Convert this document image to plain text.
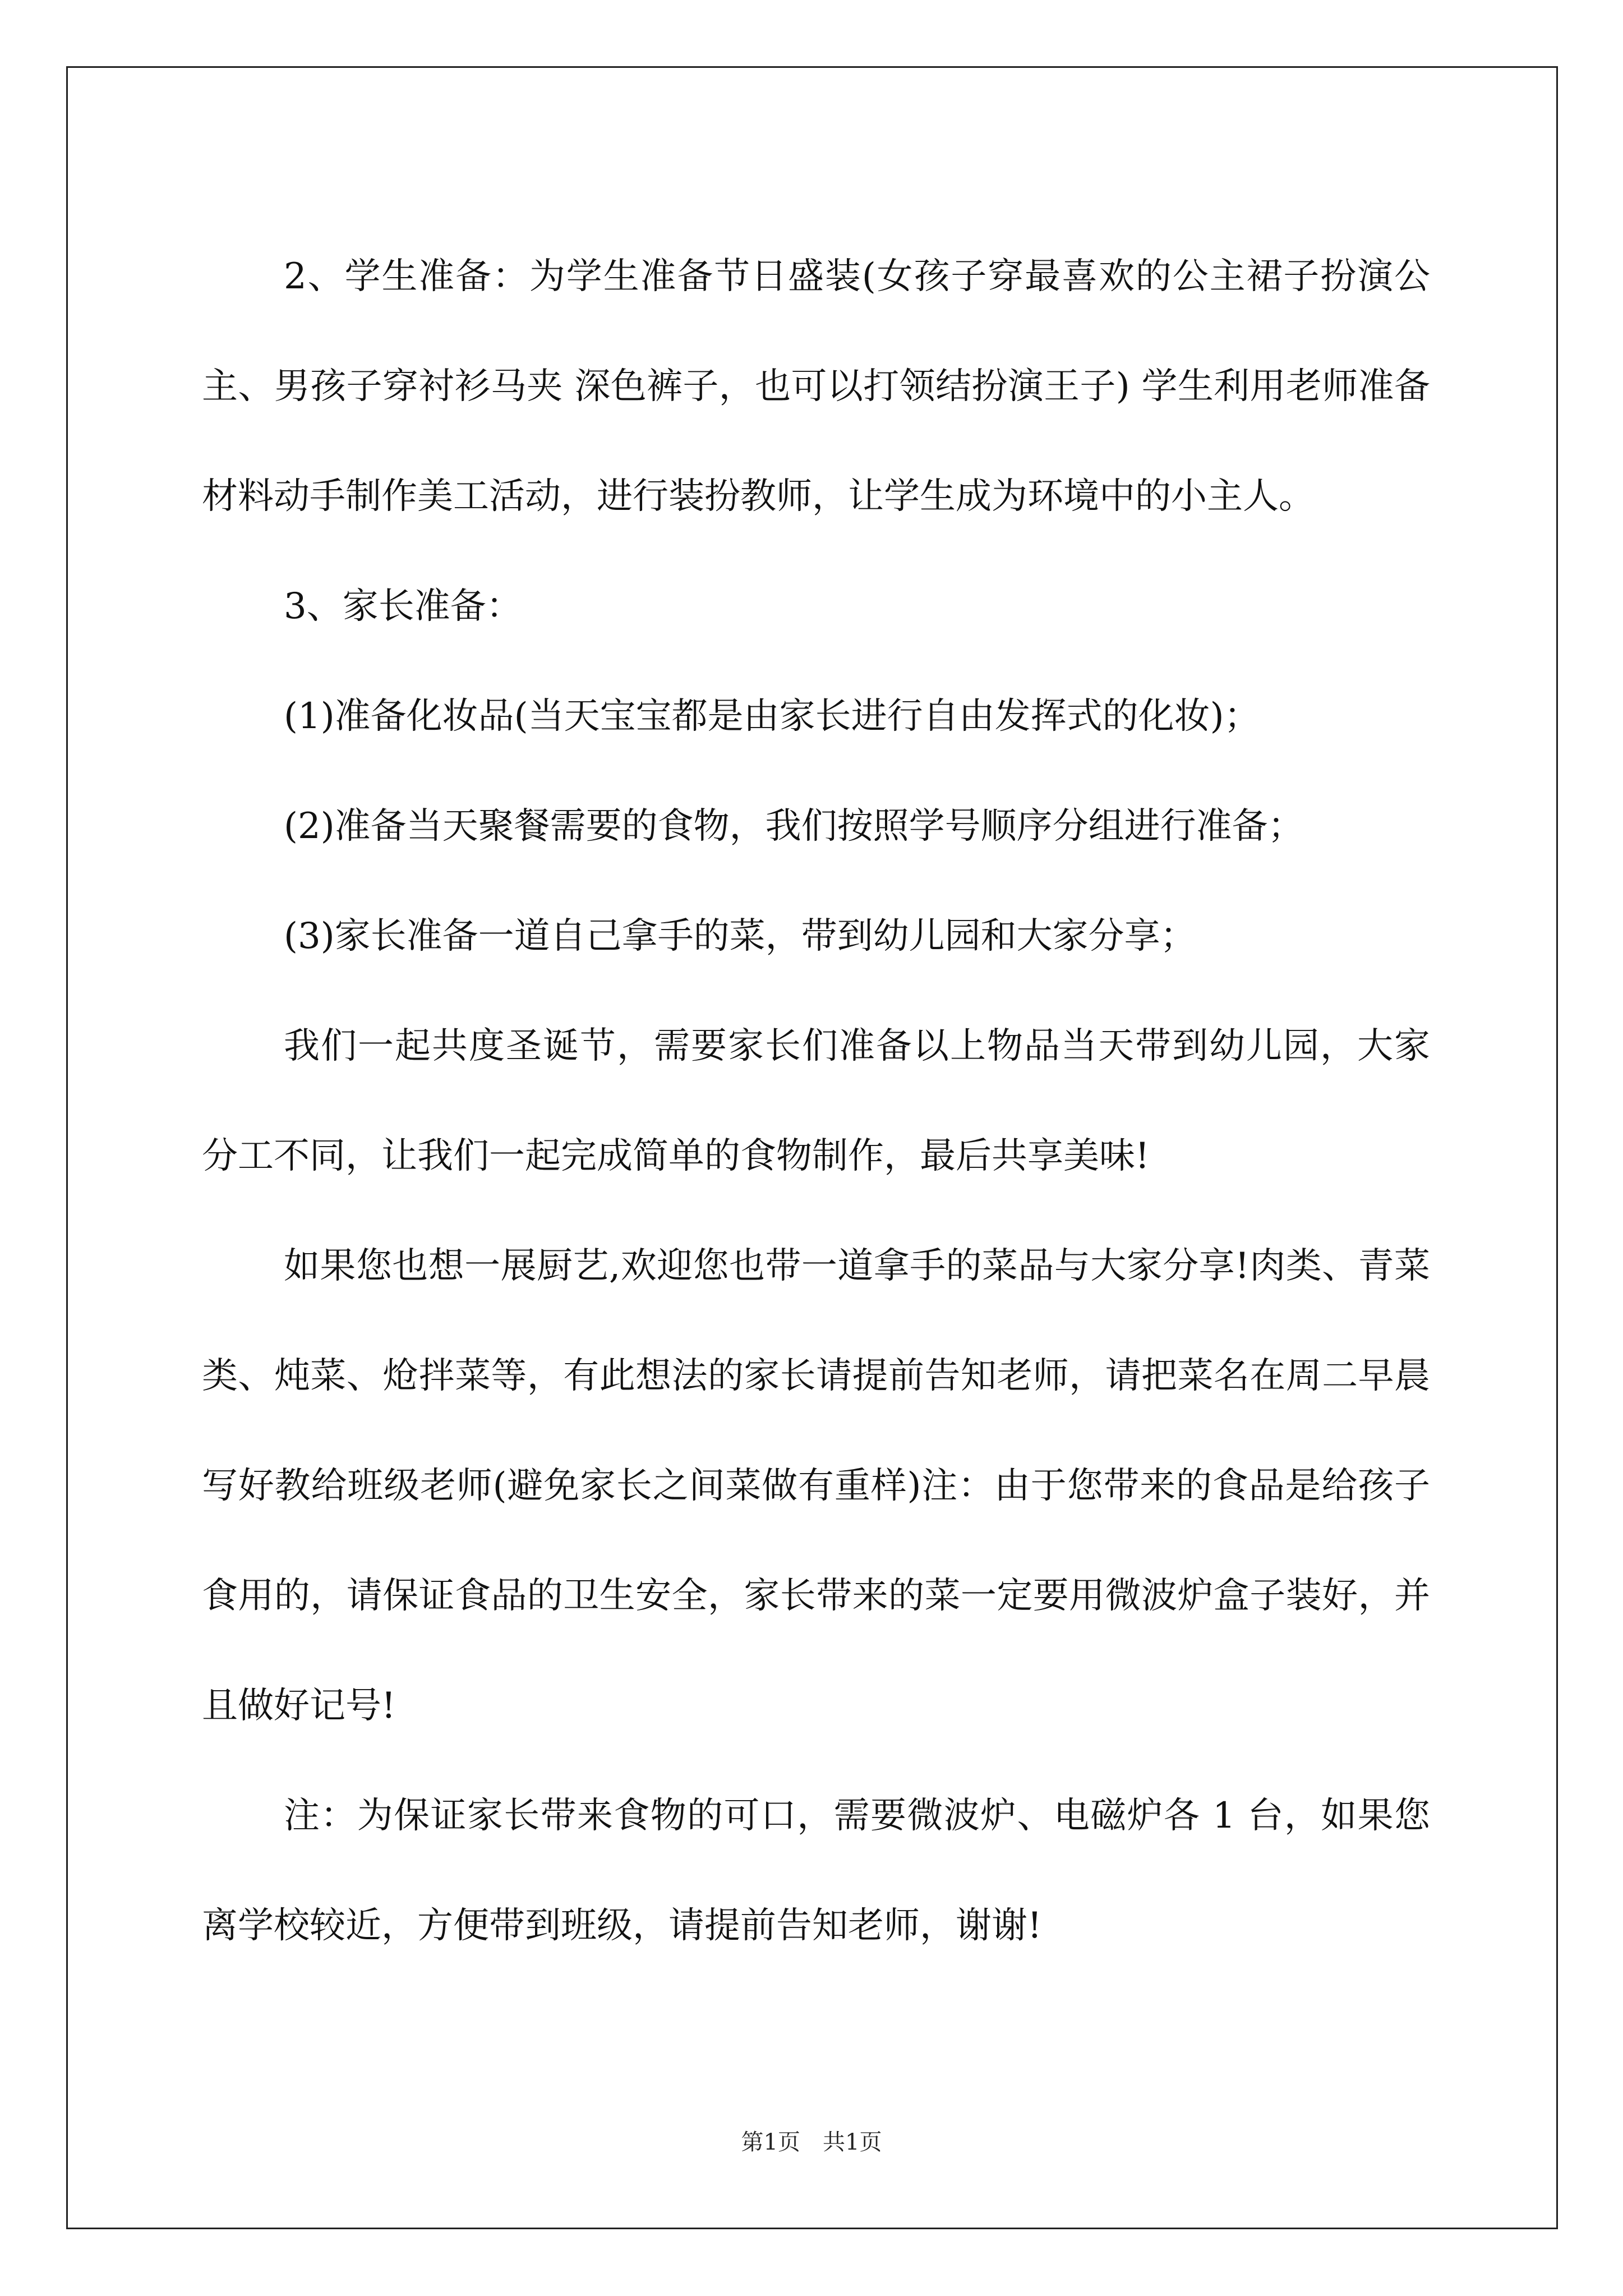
2、学生准备：为学生准备节日盛装(女孩子穿最喜欢的公主裙子扮演公主、男孩子穿衬衫马夹 深色裤子，也可以打领结扮演王子) 学生利用老师准备材料动手制作美工活动，进行装扮教师，让学生成为环境中的小主人。

3、家长准备：

(1)准备化妆品(当天宝宝都是由家长进行自由发挥式的化妆)；

(2)准备当天聚餐需要的食物，我们按照学号顺序分组进行准备；

(3)家长准备一道自己拿手的菜，带到幼儿园和大家分享；

我们一起共度圣诞节，需要家长们准备以上物品当天带到幼儿园，大家分工不同，让我们一起完成简单的食物制作，最后共享美味!

如果您也想一展厨艺,欢迎您也带一道拿手的菜品与大家分享!肉类、青菜类、炖菜、炝拌菜等，有此想法的家长请提前告知老师，请把菜名在周二早晨写好教给班级老师(避免家长之间菜做有重样)注：由于您带来的食品是给孩子食用的，请保证食品的卫生安全，家长带来的菜一定要用微波炉盒子装好，并且做好记号!

注：为保证家长带来食物的可口，需要微波炉、电磁炉各 1 台，如果您离学校较近，方便带到班级，请提前告知老师，谢谢!

第1页　共1页
